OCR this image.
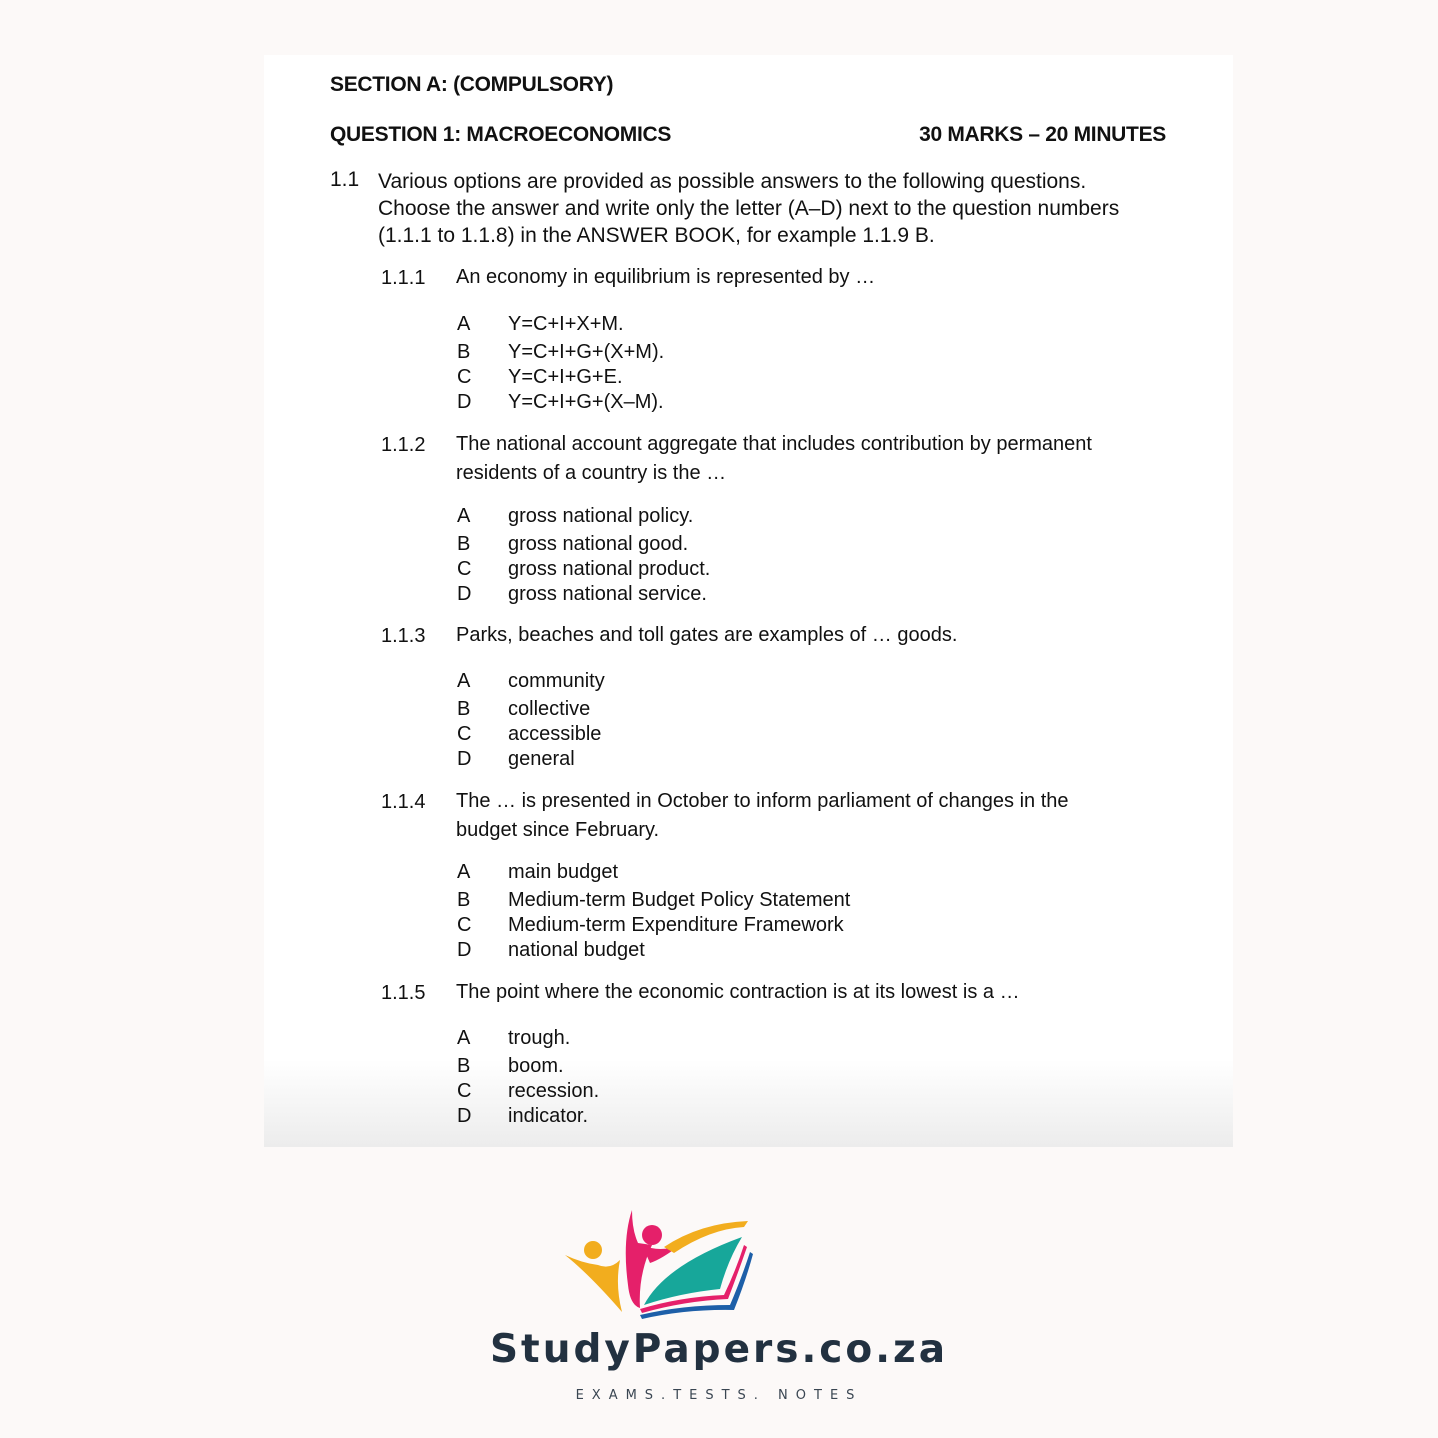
SECTION A: (COMPULSORY)
QUESTION 1: MACROECONOMICS	30 MARKS – 20 MINUTES
1.1 Various options are provided as possible answers to the following questions.
Choose the answer and write only the letter (A–D) next to the question numbers
(1.1.1 to 1.1.8) in the ANSWER BOOK, for example 1.1.9 B.
1.1.1 An economy in equilibrium is represented by …
A Y=C+I+X+M.
B Y=C+I+G+(X+M).
C Y=C+I+G+E.
D Y=C+I+G+(X–M).
1.1.2 The national account aggregate that includes contribution by permanent
residents of a country is the …
A gross national policy.
B gross national good.
C gross national product.
D gross national service.
1.1.3 Parks, beaches and toll gates are examples of … goods.
A community
B collective
C accessible
D general
1.1.4 The … is presented in October to inform parliament of changes in the
budget since February.
A main budget
B Medium-term Budget Policy Statement
C Medium-term Expenditure Framework
D national budget
1.1.5 The point where the economic contraction is at its lowest is a …
A trough.
B boom.
C recession.
D indicator.
StudyPapers.co.za
EXAMS.TESTS. NOTES
